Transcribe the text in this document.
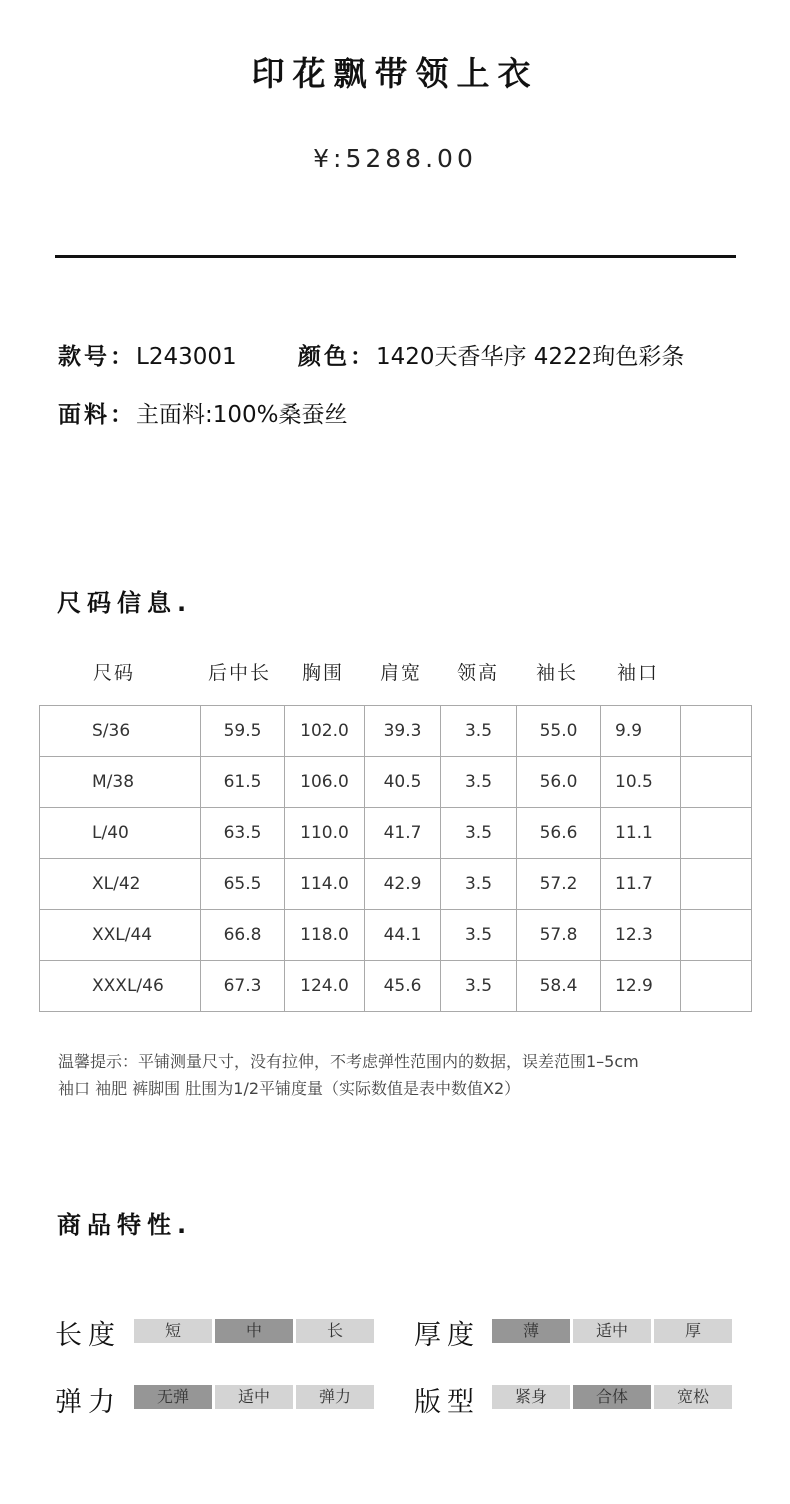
印花飘带领上衣
¥:5288.00
款号：L243001	颜色：1420天香华序 4222珣色彩条
面料：主面料:100%桑蚕丝
尺码信息.
尺码	后中长 胸围 肩宽 领高 袖长 袖口
S/36	59.5	102.0	39.3	3.5	55.0	9.9	
M/38	61.5	106.0	40.5	3.5	56.0	10.5	
L/40	63.5	110.0	41.7	3.5	56.6	11.1	
XL/42	65.5	114.0	42.9	3.5	57.2	11.7	
XXL/44	66.8	118.0	44.1	3.5	57.8	12.3	
XXXL/46	67.3	124.0	45.6	3.5	58.4	12.9	
温馨提示：平铺测量尺寸，没有拉伸，不考虑弹性范围内的数据，误差范围1–5cm
袖口 袖肥 裤脚围 肚围为1/2平铺度量（实际数值是表中数值X2）
商品特性.
长度	短	中	长	厚度	薄	适中	厚
弹力	无弹	适中	弹力	版型	紧身	合体	宽松
